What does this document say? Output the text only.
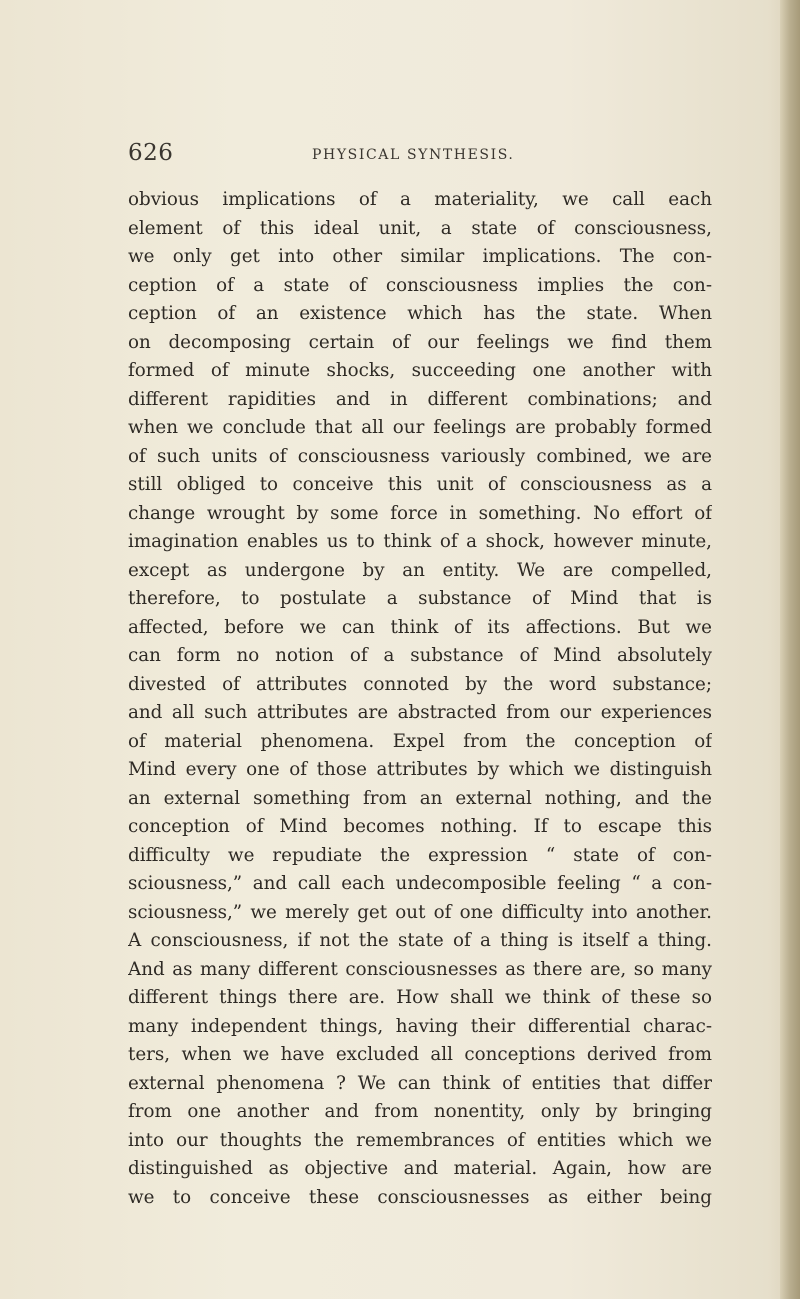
626	PHYSICAL SYNTHESIS.
obvious implications of a materiality, we call each
element of this ideal unit, a state of consciousness,
we only get into other similar implications. The con-
ception of a state of consciousness implies the con-
ception of an existence which has the state. When
on decomposing certain of our feelings we find them
formed of minute shocks, succeeding one another with
different rapidities and in different combinations; and
when we conclude that all our feelings are probably formed
of such units of consciousness variously combined, we are
still obliged to conceive this unit of consciousness as a
change wrought by some force in something. No effort of
imagination enables us to think of a shock, however minute,
except as undergone by an entity. We are compelled,
therefore, to postulate a substance of Mind that is
affected, before we can think of its affections. But we
can form no notion of a substance of Mind absolutely
divested of attributes connoted by the word substance;
and all such attributes are abstracted from our experiences
of material phenomena. Expel from the conception of
Mind every one of those attributes by which we distinguish
an external something from an external nothing, and the
conception of Mind becomes nothing. If to escape this
difficulty we repudiate the expression “ state of con-
sciousness,” and call each undecomposible feeling “ a con-
sciousness,” we merely get out of one difficulty into another.
A consciousness, if not the state of a thing is itself a thing.
And as many different consciousnesses as there are, so many
different things there are. How shall we think of these so
many independent things, having their differential charac-
ters, when we have excluded all conceptions derived from
external phenomena ? We can think of entities that differ
from one another and from nonentity, only by bringing
into our thoughts the remembrances of entities which we
distinguished as objective and material. Again, how are
we to conceive these consciousnesses as either being
